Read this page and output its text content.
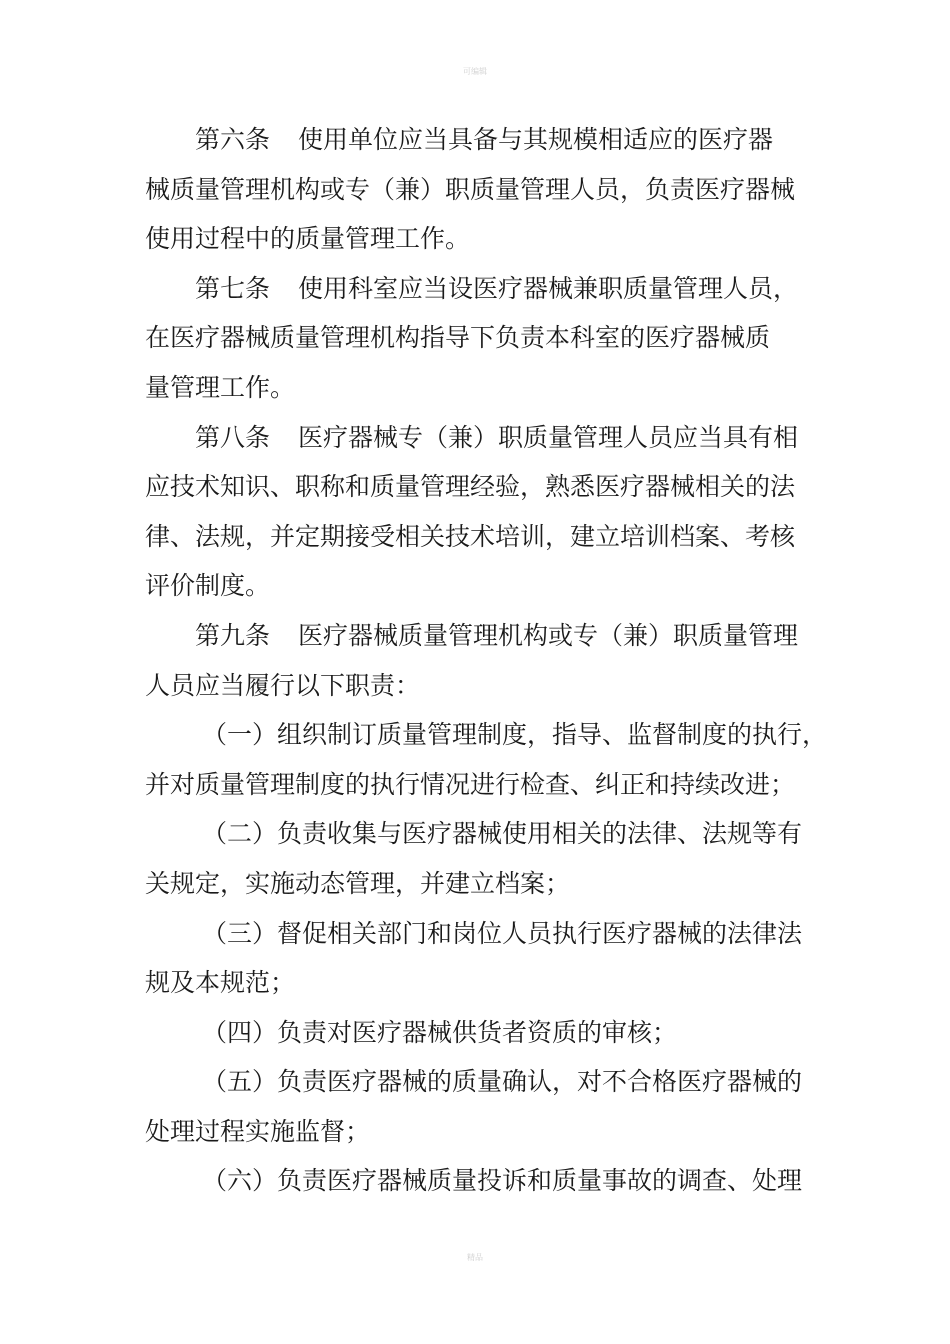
可编辑
第六条 使用单位应当具备与其规模相适应的医疗器
械质量管理机构或专（兼）职质量管理人员，负责医疗器械
使用过程中的质量管理工作。
第七条 使用科室应当设医疗器械兼职质量管理人员，
在医疗器械质量管理机构指导下负责本科室的医疗器械质
量管理工作。
第八条 医疗器械专（兼）职质量管理人员应当具有相
应技术知识、职称和质量管理经验，熟悉医疗器械相关的法
律、法规，并定期接受相关技术培训，建立培训档案、考核
评价制度。
第九条 医疗器械质量管理机构或专（兼）职质量管理
人员应当履行以下职责：
（一）组织制订质量管理制度，指导、监督制度的执行，
并对质量管理制度的执行情况进行检查、纠正和持续改进；
（二）负责收集与医疗器械使用相关的法律、法规等有
关规定，实施动态管理，并建立档案；
（三）督促相关部门和岗位人员执行医疗器械的法律法
规及本规范；
（四）负责对医疗器械供货者资质的审核；
（五）负责医疗器械的质量确认，对不合格医疗器械的
处理过程实施监督；
（六）负责医疗器械质量投诉和质量事故的调查、处理
精品
